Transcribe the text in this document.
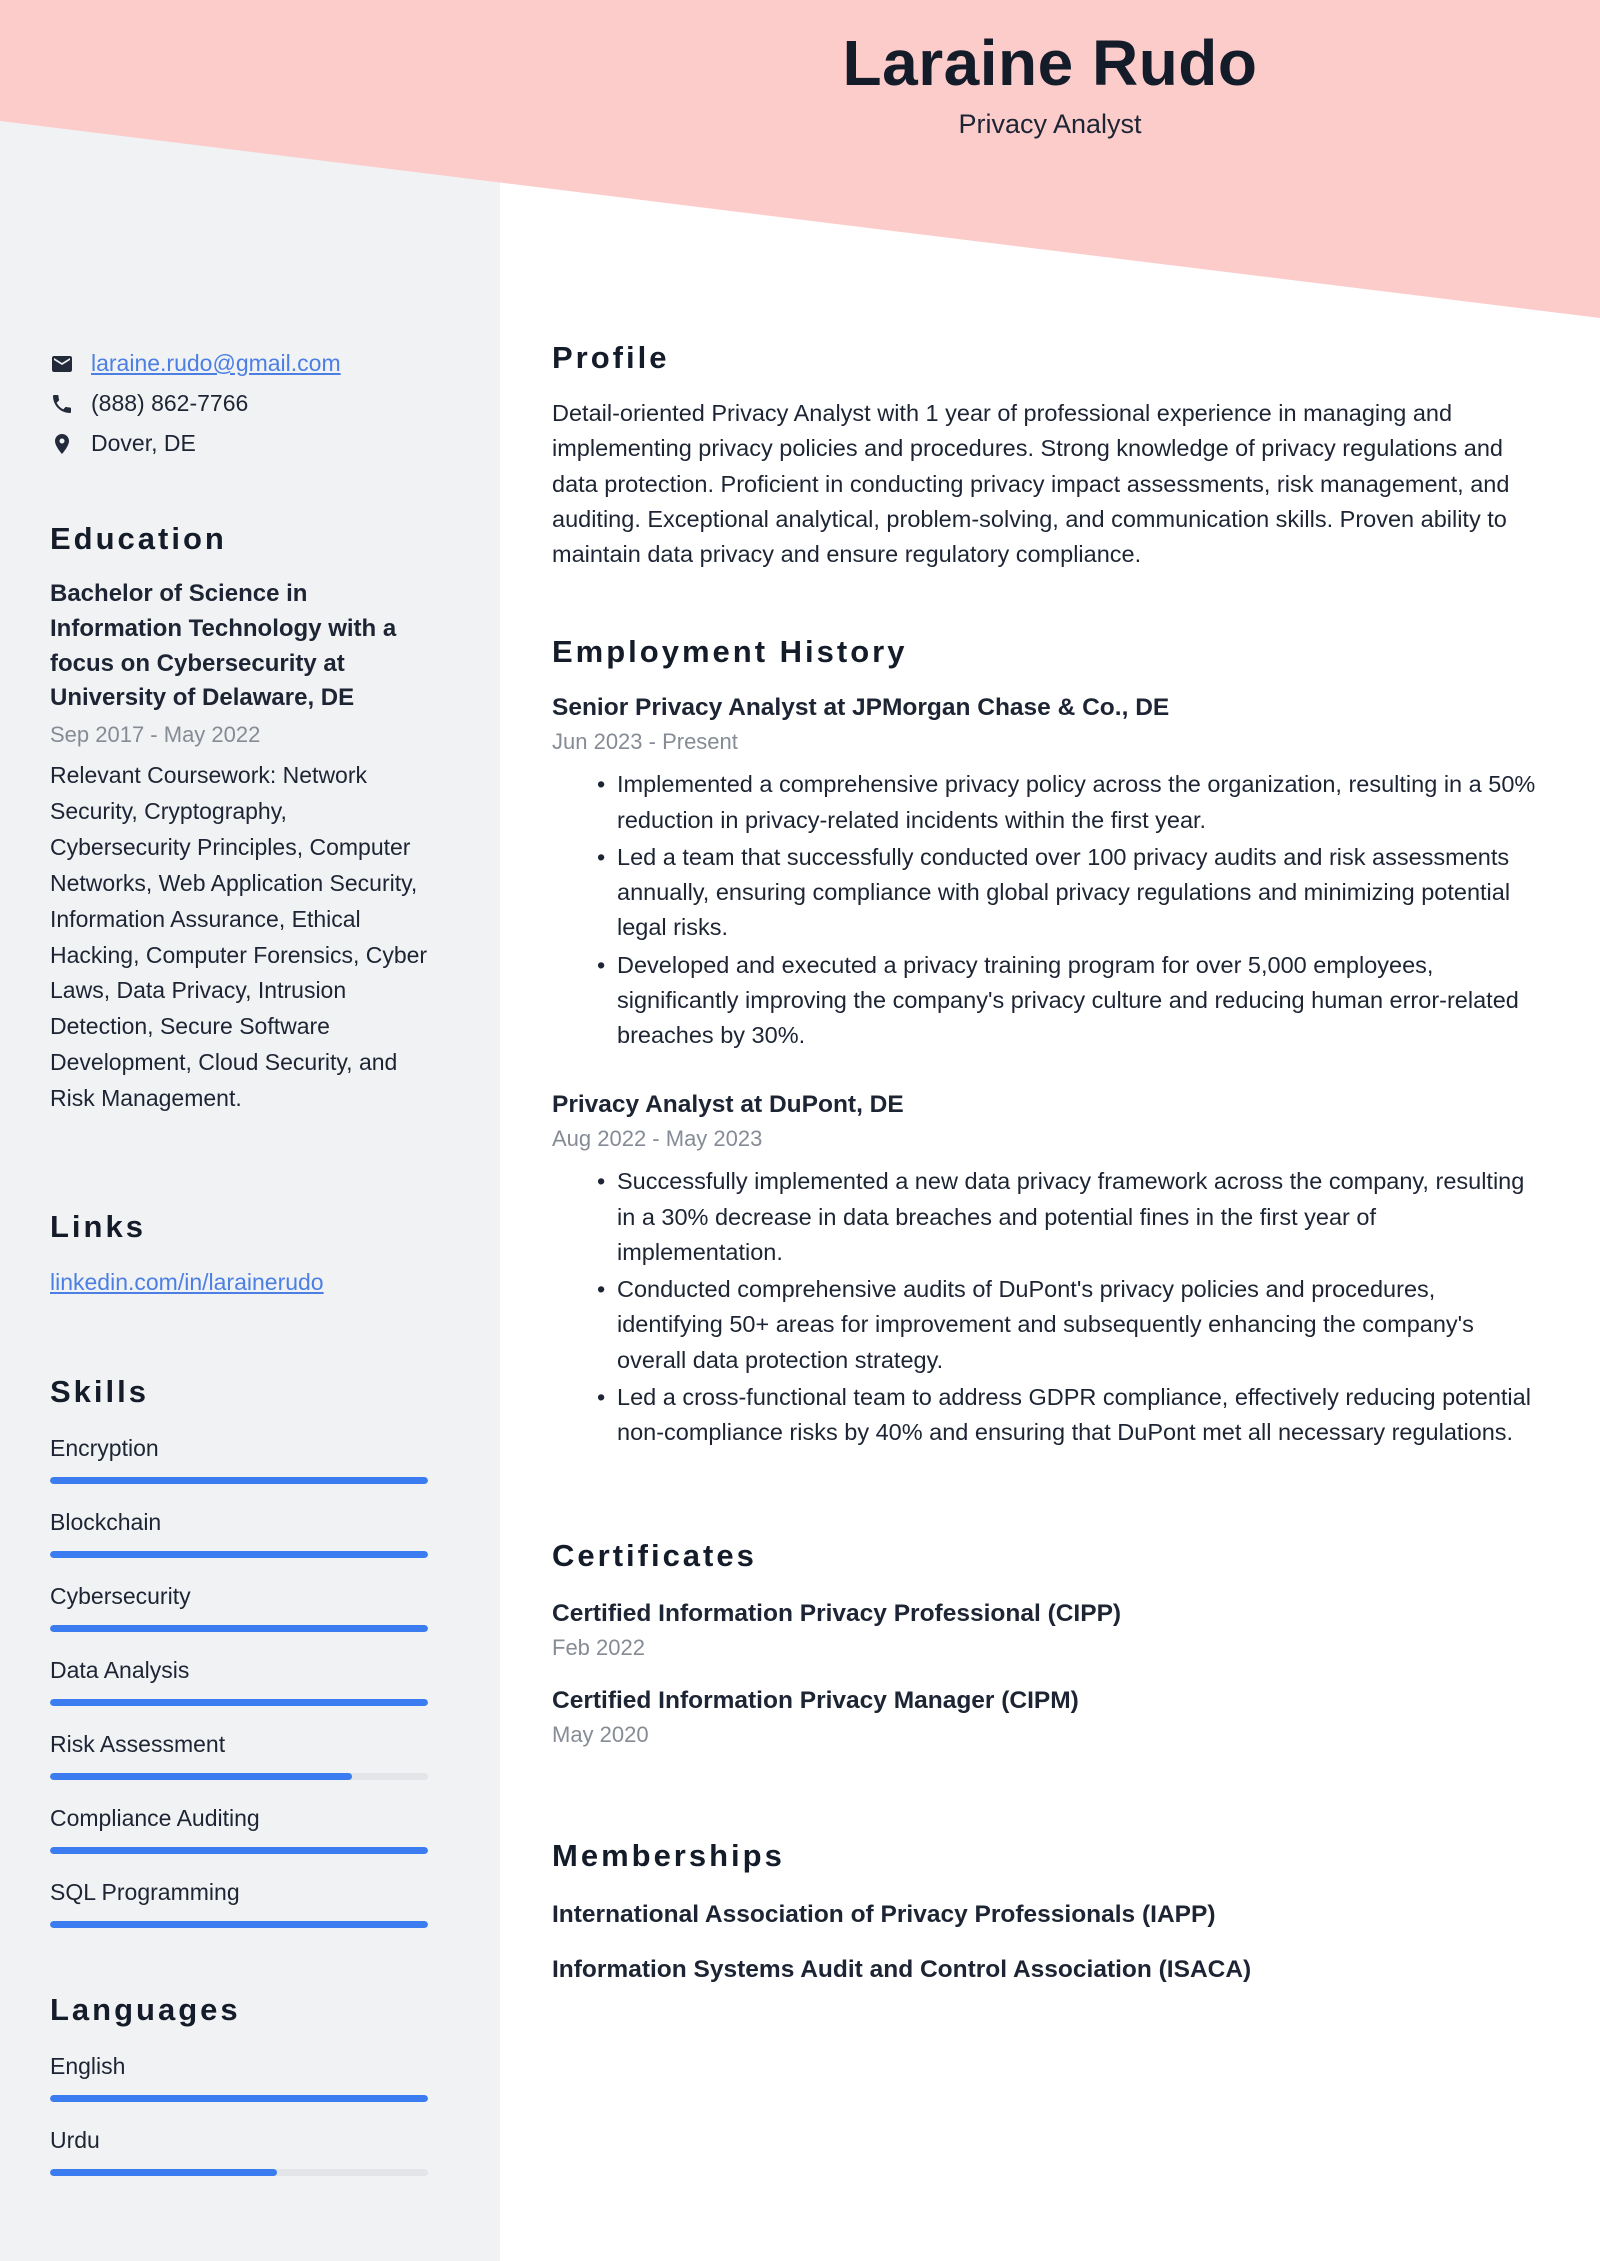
Laraine Rudo
Privacy Analyst
laraine.rudo@gmail.com
(888) 862-7766
Dover, DE
Education
Bachelor of Science in Information Technology with a focus on Cybersecurity at University of Delaware, DE
Sep 2017 - May 2022
Relevant Coursework: Network Security, Cryptography, Cybersecurity Principles, Computer Networks, Web Application Security, Information Assurance, Ethical Hacking, Computer Forensics, Cyber Laws, Data Privacy, Intrusion Detection, Secure Software Development, Cloud Security, and Risk Management.
Links
linkedin.com/in/larainerudo
Skills
Encryption
Blockchain
Cybersecurity
Data Analysis
Risk Assessment
Compliance Auditing
SQL Programming
Languages
English
Urdu
Profile

Detail-oriented Privacy Analyst with 1 year of professional experience in managing and implementing privacy policies and procedures. Strong knowledge of privacy regulations and data protection. Proficient in conducting privacy impact assessments, risk management, and auditing. Exceptional analytical, problem-solving, and communication skills. Proven ability to maintain data privacy and ensure regulatory compliance.

Employment History
Senior Privacy Analyst at JPMorgan Chase & Co., DE
Jun 2023 - Present
• Implemented a comprehensive privacy policy across the organization, resulting in a 50% reduction in privacy-related incidents within the first year.
• Led a team that successfully conducted over 100 privacy audits and risk assessments annually, ensuring compliance with global privacy regulations and minimizing potential legal risks.
• Developed and executed a privacy training program for over 5,000 employees, significantly improving the company's privacy culture and reducing human error-related breaches by 30%.
Privacy Analyst at DuPont, DE
Aug 2022 - May 2023
• Successfully implemented a new data privacy framework across the company, resulting in a 30% decrease in data breaches and potential fines in the first year of implementation.
• Conducted comprehensive audits of DuPont's privacy policies and procedures, identifying 50+ areas for improvement and subsequently enhancing the company's overall data protection strategy.
• Led a cross-functional team to address GDPR compliance, effectively reducing potential non-compliance risks by 40% and ensuring that DuPont met all necessary regulations.
Certificates
Certified Information Privacy Professional (CIPP)
Feb 2022
Certified Information Privacy Manager (CIPM)
May 2020
Memberships
International Association of Privacy Professionals (IAPP)
Information Systems Audit and Control Association (ISACA)
